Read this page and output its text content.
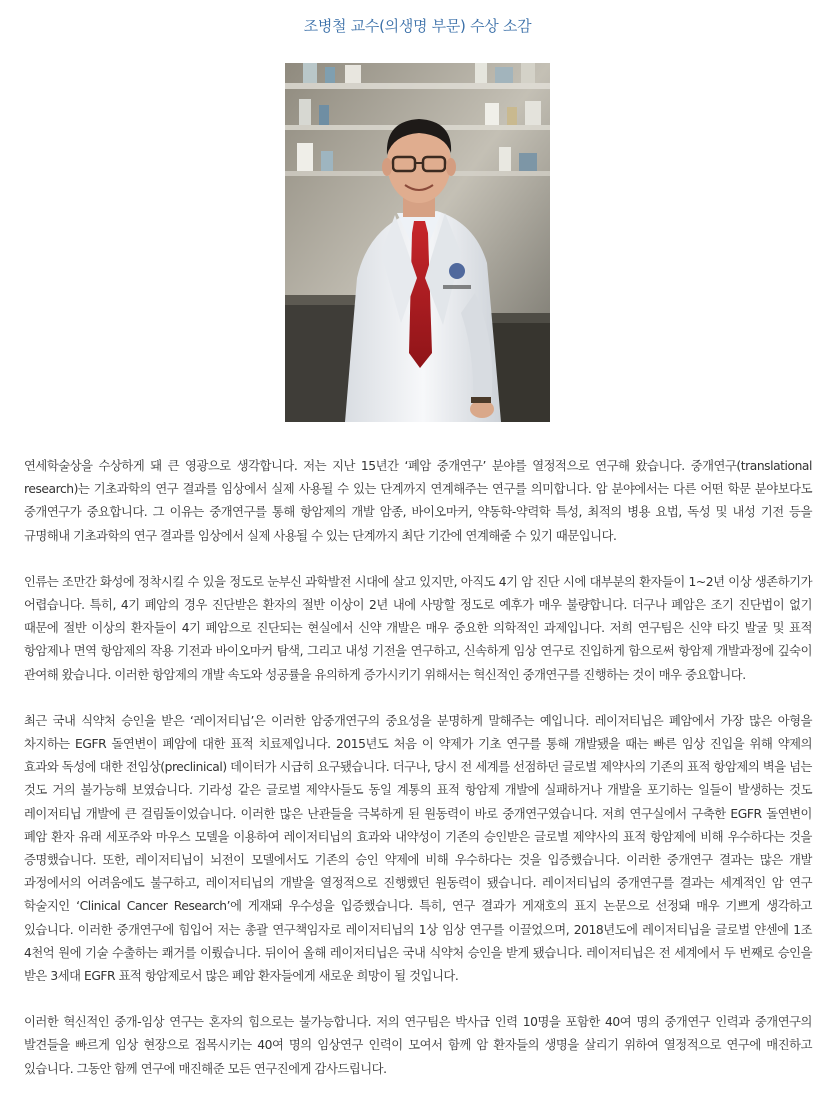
조병철 교수(의생명 부문) 수상 소감

연세학술상을 수상하게 돼 큰 영광으로 생각합니다. 저는 지난 15년간 ‘폐암 중개연구’ 분야를 열정적으로 연구해 왔습니다. 중개연구(translational research)는 기초과학의 연구 결과를 임상에서 실제 사용될 수 있는 단계까지 연계해주는 연구를 의미합니다. 암 분야에서는 다른 어떤 학문 분야보다도 중개연구가 중요합니다. 그 이유는 중개연구를 통해 항암제의 개발 암종, 바이오마커, 약동학-약력학 특성, 최적의 병용 요법, 독성 및 내성 기전 등을 규명해내 기초과학의 연구 결과를 임상에서 실제 사용될 수 있는 단계까지 최단 기간에 연계해줄 수 있기 때문입니다.

인류는 조만간 화성에 정착시킬 수 있을 정도로 눈부신 과학발전 시대에 살고 있지만, 아직도 4기 암 진단 시에 대부분의 환자들이 1~2년 이상 생존하기가 어렵습니다. 특히, 4기 폐암의 경우 진단받은 환자의 절반 이상이 2년 내에 사망할 정도로 예후가 매우 불량합니다. 더구나 폐암은 조기 진단법이 없기 때문에 절반 이상의 환자들이 4기 폐암으로 진단되는 현실에서 신약 개발은 매우 중요한 의학적인 과제입니다. 저희 연구팀은 신약 타깃 발굴 및 표적 항암제나 면역 항암제의 작용 기전과 바이오마커 탐색, 그리고 내성 기전을 연구하고, 신속하게 임상 연구로 진입하게 함으로써 항암제 개발과정에 깊숙이 관여해 왔습니다. 이러한 항암제의 개발 속도와 성공률을 유의하게 증가시키기 위해서는 혁신적인 중개연구를 진행하는 것이 매우 중요합니다.

최근 국내 식약처 승인을 받은 ‘레이저티닙’은 이러한 암중개연구의 중요성을 분명하게 말해주는 예입니다. 레이저티닙은 폐암에서 가장 많은 아형을 차지하는 EGFR 돌연변이 폐암에 대한 표적 치료제입니다. 2015년도 처음 이 약제가 기초 연구를 통해 개발됐을 때는 빠른 임상 진입을 위해 약제의 효과와 독성에 대한 전임상(preclinical) 데이터가 시급히 요구됐습니다. 더구나, 당시 전 세계를 선점하던 글로벌 제약사의 기존의 표적 항암제의 벽을 넘는 것도 거의 불가능해 보였습니다. 기라성 같은 글로벌 제약사들도 동일 계통의 표적 항암제 개발에 실패하거나 개발을 포기하는 일들이 발생하는 것도 레이저티닙 개발에 큰 걸림돌이었습니다. 이러한 많은 난관들을 극복하게 된 원동력이 바로 중개연구였습니다. 저희 연구실에서 구축한 EGFR 돌연변이 폐암 환자 유래 세포주와 마우스 모델을 이용하여 레이저티닙의 효과와 내약성이 기존의 승인받은 글로벌 제약사의 표적 항암제에 비해 우수하다는 것을 증명했습니다. 또한, 레이저티닙이 뇌전이 모델에서도 기존의 승인 약제에 비해 우수하다는 것을 입증했습니다. 이러한 중개연구 결과는 많은 개발 과정에서의 어려움에도 불구하고, 레이저티닙의 개발을 열정적으로 진행했던 원동력이 됐습니다. 레이저티닙의 중개연구를 결과는 세계적인 암 연구 학술지인 ‘Clinical Cancer Research’에 게재돼 우수성을 입증했습니다. 특히, 연구 결과가 게재호의 표지 논문으로 선정돼 매우 기쁘게 생각하고 있습니다. 이러한 중개연구에 힘입어 저는 총괄 연구책임자로 레이저티닙의 1상 임상 연구를 이끌었으며, 2018년도에 레이저티닙을 글로벌 얀센에 1조 4천억 원에 기술 수출하는 쾌거를 이뤘습니다. 뒤이어 올해 레이저티닙은 국내 식약처 승인을 받게 됐습니다. 레이저티닙은 전 세계에서 두 번째로 승인을 받은 3세대 EGFR 표적 항암제로서 많은 폐암 환자들에게 새로운 희망이 될 것입니다.

이러한 혁신적인 중개-임상 연구는 혼자의 힘으로는 불가능합니다. 저의 연구팀은 박사급 인력 10명을 포함한 40여 명의 중개연구 인력과 중개연구의 발견들을 빠르게 임상 현장으로 접목시키는 40여 명의 임상연구 인력이 모여서 함께 암 환자들의 생명을 살리기 위하여 열정적으로 연구에 매진하고 있습니다. 그동안 함께 연구에 매진해준 모든 연구진에게 감사드립니다.
